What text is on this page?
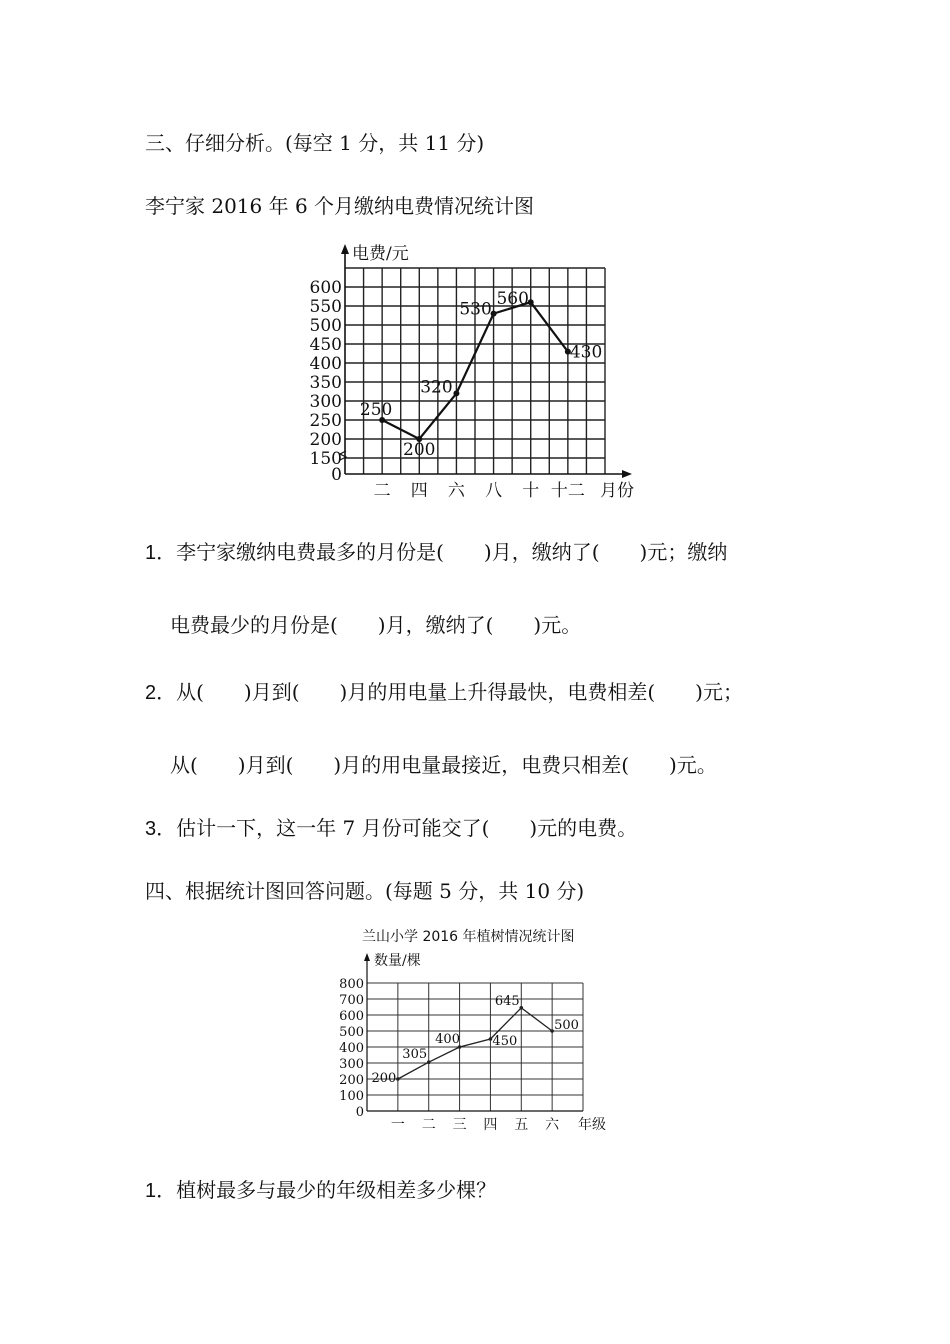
三、仔细分析。(每空 1 分，共 11 分)
李宁家 2016 年 6 个月缴纳电费情况统计图
0
150
200
250
300
350
400
450
500
550
600
二 四 六 八 十 十二
250
200
320
530
560
430
电费/元
月份
1．李宁家缴纳电费最多的月份是(　　)月，缴纳了(　　)元；缴纳
电费最少的月份是(　　)月，缴纳了(　　)元。
2．从(　　)月到(　　)月的用电量上升得最快，电费相差(　　)元；
从(　　)月到(　　)月的用电量最接近，电费只相差(　　)元。
3．估计一下，这一年 7 月份可能交了(　　)元的电费。
四、根据统计图回答问题。(每题 5 分，共 10 分)
兰山小学 2016 年植树情况统计图
0
100
200
300
400
500
600
700
800
一 二 三 四 五 六
200
305
400 450
645
500
数量/棵
年级
1．植树最多与最少的年级相差多少棵？
